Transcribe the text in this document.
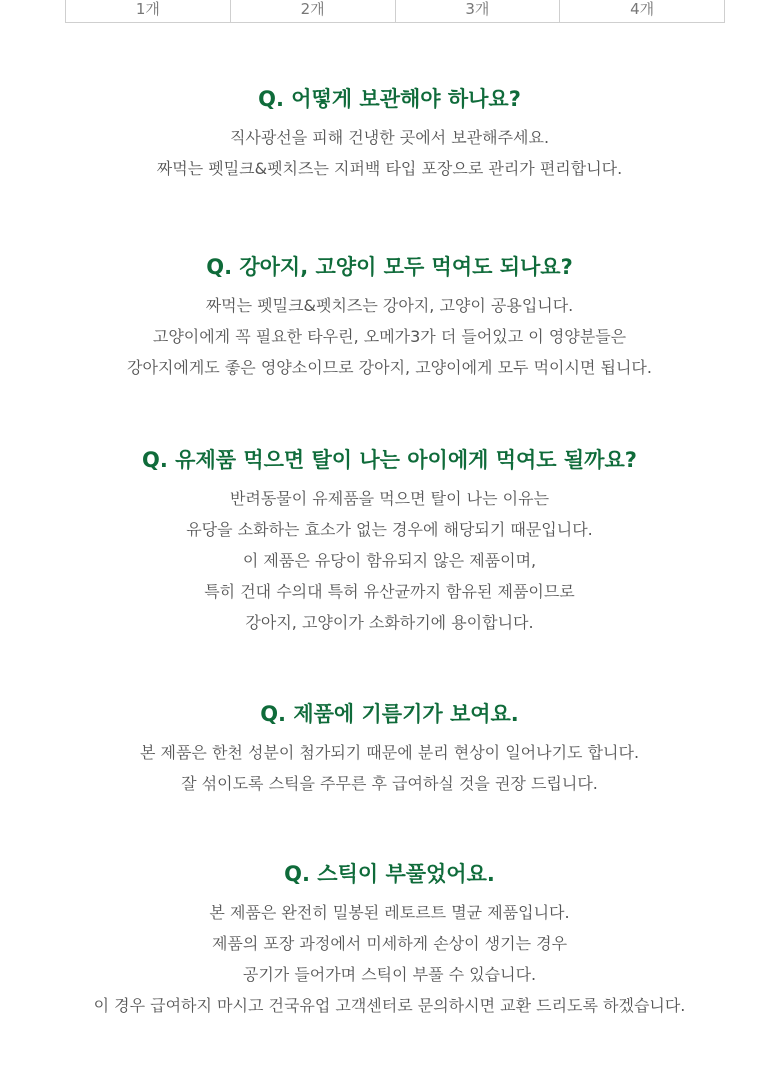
1개	2개	3개	4개
Q. 어떻게 보관해야 하나요?
직사광선을 피해 건냉한 곳에서 보관해주세요.
짜먹는 펫밀크&펫치즈는 지퍼백 타입 포장으로 관리가 편리합니다.
Q. 강아지, 고양이 모두 먹여도 되나요?
짜먹는 펫밀크&펫치즈는 강아지, 고양이 공용입니다.
고양이에게 꼭 필요한 타우린, 오메가3가 더 들어있고 이 영양분들은
강아지에게도 좋은 영양소이므로 강아지, 고양이에게 모두 먹이시면 됩니다.
Q. 유제품 먹으면 탈이 나는 아이에게 먹여도 될까요?
반려동물이 유제품을 먹으면 탈이 나는 이유는
유당을 소화하는 효소가 없는 경우에 해당되기 때문입니다.
이 제품은 유당이 함유되지 않은 제품이며,
특히 건대 수의대 특허 유산균까지 함유된 제품이므로
강아지, 고양이가 소화하기에 용이합니다.
Q. 제품에 기름기가 보여요.
본 제품은 한천 성분이 첨가되기 때문에 분리 현상이 일어나기도 합니다.
잘 섞이도록 스틱을 주무른 후 급여하실 것을 권장 드립니다.
Q. 스틱이 부풀었어요.
본 제품은 완전히 밀봉된 레토르트 멸균 제품입니다.
제품의 포장 과정에서 미세하게 손상이 생기는 경우
공기가 들어가며 스틱이 부풀 수 있습니다.
이 경우 급여하지 마시고 건국유업 고객센터로 문의하시면 교환 드리도록 하겠습니다.
